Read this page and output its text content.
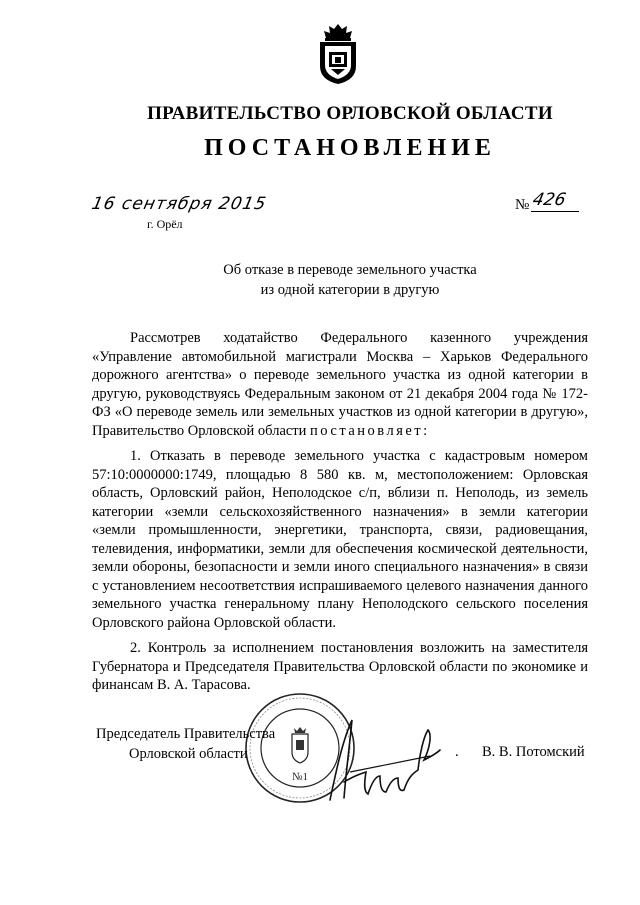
ПРАВИТЕЛЬСТВО ОРЛОВСКОЙ ОБЛАСТИ
ПОСТАНОВЛЕНИЕ
16 сентября 2015
г. Орёл
№ 426
Об отказе в переводе земельного участка
из одной категории в другую

Рассмотрев ходатайство Федерального казенного учреждения «Управление автомобильной магистрали Москва – Харьков Федерального дорожного агентства» о переводе земельного участка из одной категории в другую, руководствуясь Федеральным законом от 21 декабря 2004 года № 172-ФЗ «О переводе земель или земельных участков из одной категории в другую», Правительство Орловской области постановляет:

1. Отказать в переводе земельного участка с кадастровым номером 57:10:0000000:1749, площадью 8 580 кв. м, местоположением: Орловская область, Орловский район, Неполодское с/п, вблизи п. Неполодь, из земель категории «земли сельскохозяйственного назначения» в земли категории «земли промышленности, энергетики, транспорта, связи, радиовещания, телевидения, информатики, земли для обеспечения космической деятельности, земли обороны, безопасности и земли иного специального назначения» в связи с установлением несоответствия испрашиваемого целевого назначения данного земельного участка генеральному плану Неполодского сельского поселения Орловского района Орловской области.

2. Контроль за исполнением постановления возложить на заместителя Губернатора и Председателя Правительства Орловской области по экономике и финансам В. А. Тарасова.

№1
Председатель Правительства
Орловской области	. В. В. Потомский
